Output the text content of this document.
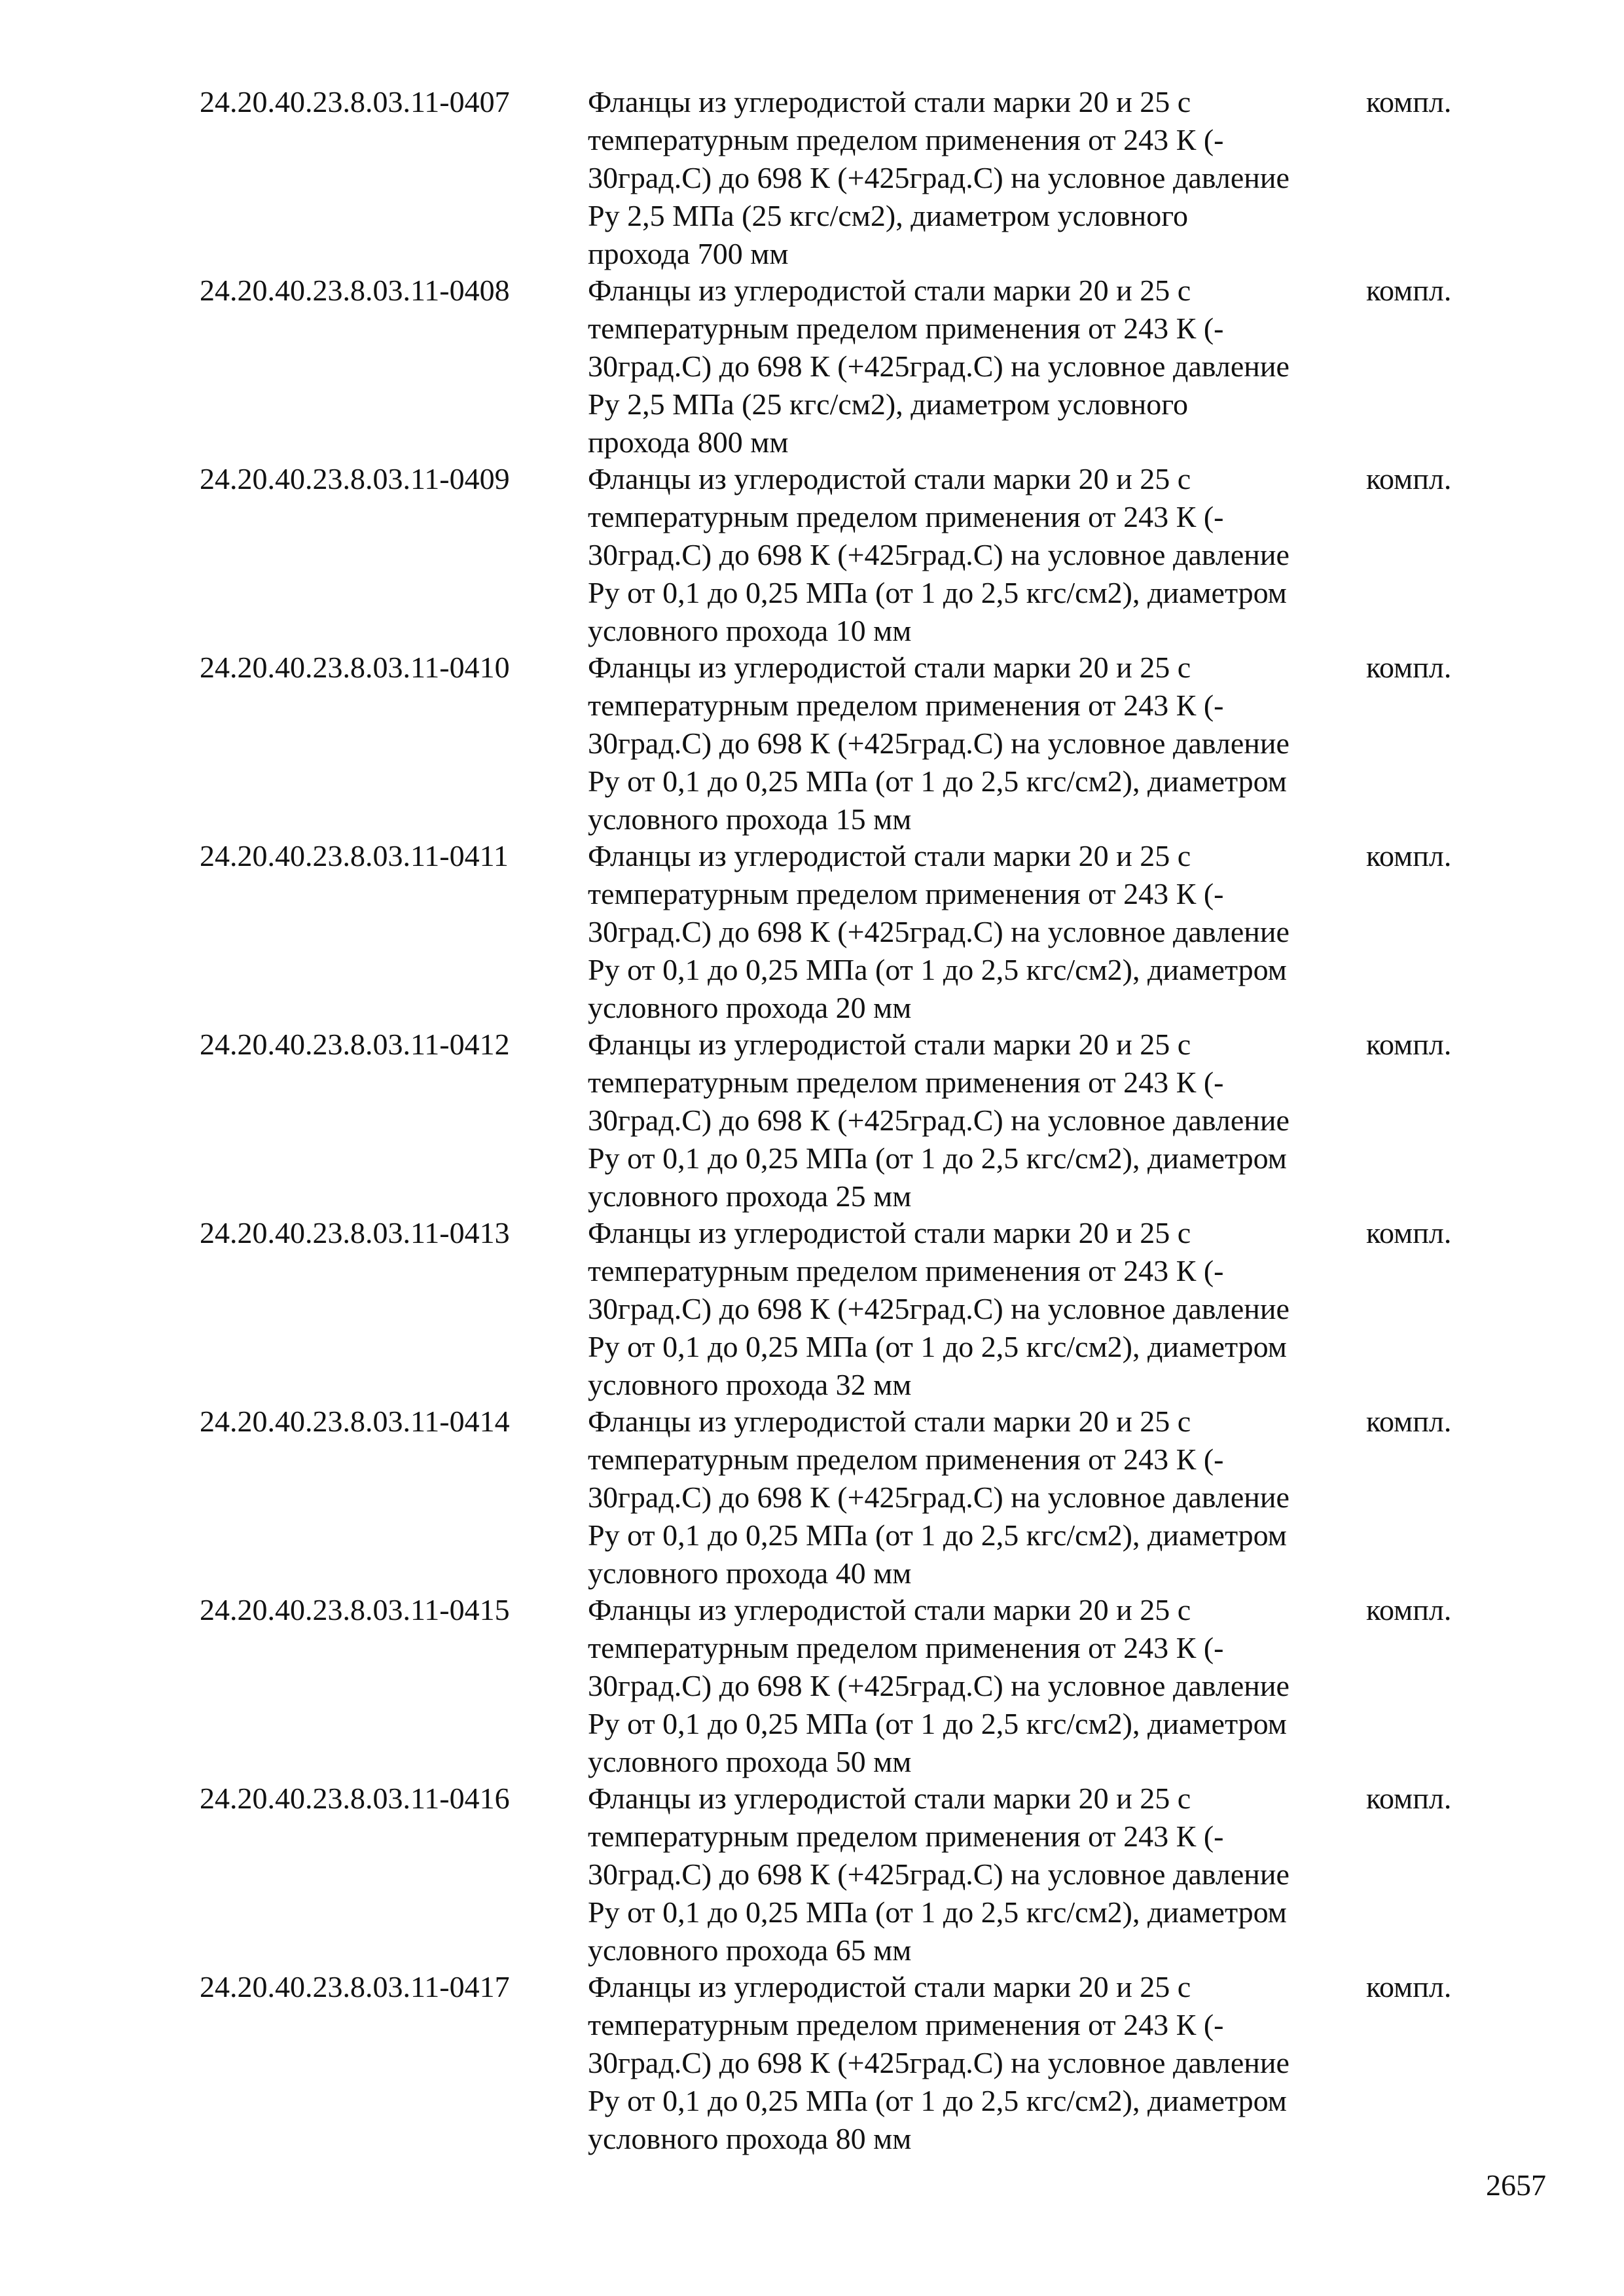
24.20.40.23.8.03.11-0407	Фланцы из углеродистой стали марки 20 и 25 с
температурным пределом применения от 243 К (-
30град.С) до 698 К (+425град.С) на условное давление
Ру 2,5 МПа (25 кгс/см2), диаметром условного
прохода 700 мм
компл.
24.20.40.23.8.03.11-0408	Фланцы из углеродистой стали марки 20 и 25 с
температурным пределом применения от 243 К (-
30град.С) до 698 К (+425град.С) на условное давление
Ру 2,5 МПа (25 кгс/см2), диаметром условного
прохода 800 мм
компл.
24.20.40.23.8.03.11-0409	Фланцы из углеродистой стали марки 20 и 25 с
температурным пределом применения от 243 К (-
30град.С) до 698 К (+425град.С) на условное давление
Ру от 0,1 до 0,25 МПа (от 1 до 2,5 кгс/см2), диаметром
условного прохода 10 мм
компл.
24.20.40.23.8.03.11-0410	Фланцы из углеродистой стали марки 20 и 25 с
температурным пределом применения от 243 К (-
30град.С) до 698 К (+425град.С) на условное давление
Ру от 0,1 до 0,25 МПа (от 1 до 2,5 кгс/см2), диаметром
условного прохода 15 мм
компл.
24.20.40.23.8.03.11-0411	Фланцы из углеродистой стали марки 20 и 25 с
температурным пределом применения от 243 К (-
30град.С) до 698 К (+425град.С) на условное давление
Ру от 0,1 до 0,25 МПа (от 1 до 2,5 кгс/см2), диаметром
условного прохода 20 мм
компл.
24.20.40.23.8.03.11-0412	Фланцы из углеродистой стали марки 20 и 25 с
температурным пределом применения от 243 К (-
30град.С) до 698 К (+425град.С) на условное давление
Ру от 0,1 до 0,25 МПа (от 1 до 2,5 кгс/см2), диаметром
условного прохода 25 мм
компл.
24.20.40.23.8.03.11-0413	Фланцы из углеродистой стали марки 20 и 25 с
температурным пределом применения от 243 К (-
30град.С) до 698 К (+425град.С) на условное давление
Ру от 0,1 до 0,25 МПа (от 1 до 2,5 кгс/см2), диаметром
условного прохода 32 мм
компл.
24.20.40.23.8.03.11-0414	Фланцы из углеродистой стали марки 20 и 25 с
температурным пределом применения от 243 К (-
30град.С) до 698 К (+425град.С) на условное давление
Ру от 0,1 до 0,25 МПа (от 1 до 2,5 кгс/см2), диаметром
условного прохода 40 мм
компл.
24.20.40.23.8.03.11-0415	Фланцы из углеродистой стали марки 20 и 25 с
температурным пределом применения от 243 К (-
30град.С) до 698 К (+425град.С) на условное давление
Ру от 0,1 до 0,25 МПа (от 1 до 2,5 кгс/см2), диаметром
условного прохода 50 мм
компл.
24.20.40.23.8.03.11-0416	Фланцы из углеродистой стали марки 20 и 25 с
температурным пределом применения от 243 К (-
30град.С) до 698 К (+425град.С) на условное давление
Ру от 0,1 до 0,25 МПа (от 1 до 2,5 кгс/см2), диаметром
условного прохода 65 мм
компл.
24.20.40.23.8.03.11-0417	Фланцы из углеродистой стали марки 20 и 25 с
температурным пределом применения от 243 К (-
30град.С) до 698 К (+425град.С) на условное давление
Ру от 0,1 до 0,25 МПа (от 1 до 2,5 кгс/см2), диаметром
условного прохода 80 мм
компл.
2657
